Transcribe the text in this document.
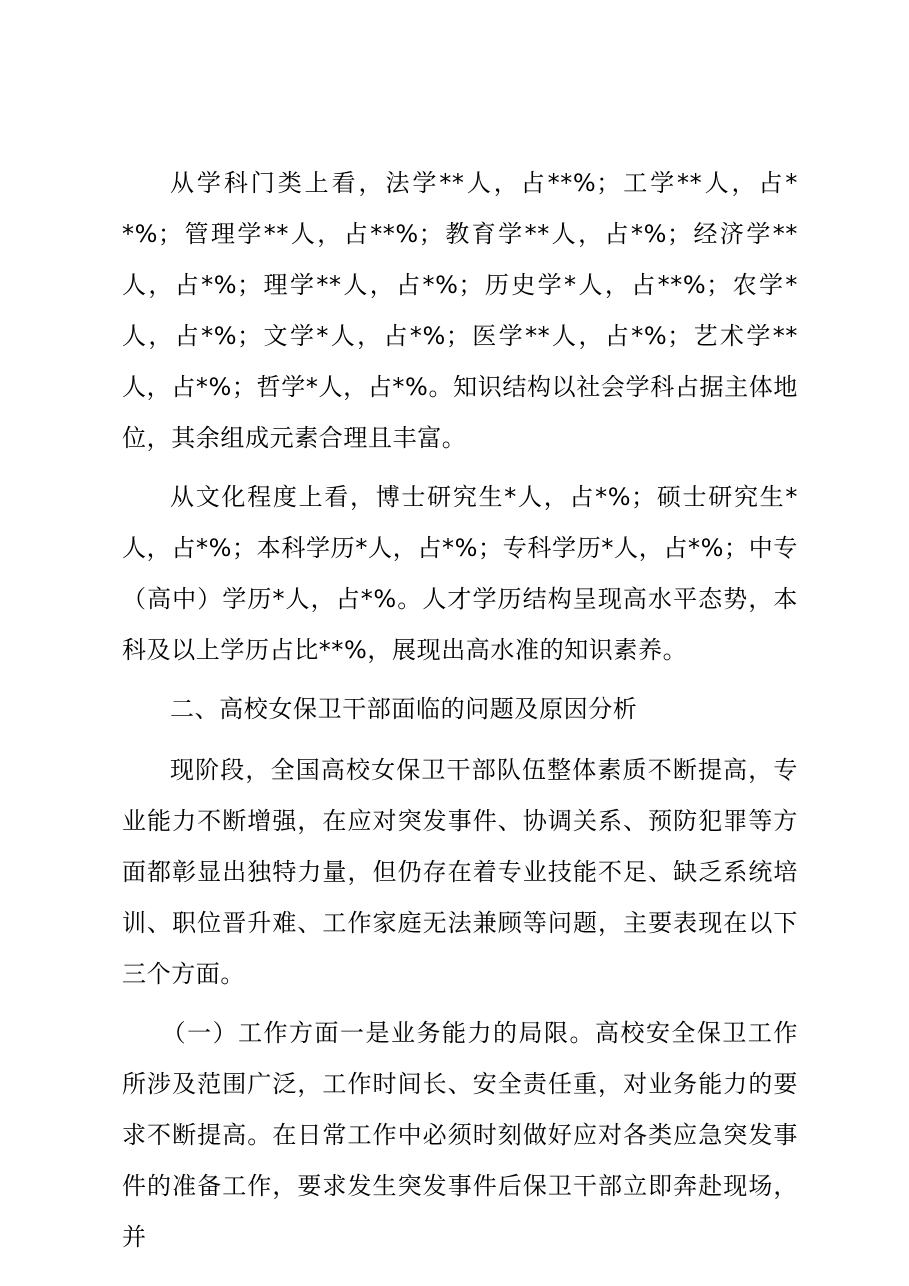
从学科门类上看，法学**人，占**%；工学**人，占**%；管理学**人，占**%；教育学**人，占*%；经济学**人，占*%；理学**人，占*%；历史学*人，占**%；农学*人，占*%；文学*人，占*%；医学**人，占*%；艺术学**人，占*%；哲学*人，占*%。知识结构以社会学科占据主体地位，其余组成元素合理且丰富。

从文化程度上看，博士研究生*人，占*%；硕士研究生*人，占*%；本科学历*人，占*%；专科学历*人，占*%；中专（高中）学历*人，占*%。人才学历结构呈现高水平态势，本科及以上学历占比**%，展现出高水准的知识素养。

二、高校女保卫干部面临的问题及原因分析

现阶段，全国高校女保卫干部队伍整体素质不断提高，专业能力不断增强，在应对突发事件、协调关系、预防犯罪等方面都彰显出独特力量，但仍存在着专业技能不足、缺乏系统培训、职位晋升难、工作家庭无法兼顾等问题，主要表现在以下三个方面。

（一）工作方面一是业务能力的局限。高校安全保卫工作所涉及范围广泛，工作时间长、安全责任重，对业务能力的要求不断提高。在日常工作中必须时刻做好应对各类应急突发事件的准备工作，要求发生突发事件后保卫干部立即奔赴现场，并
